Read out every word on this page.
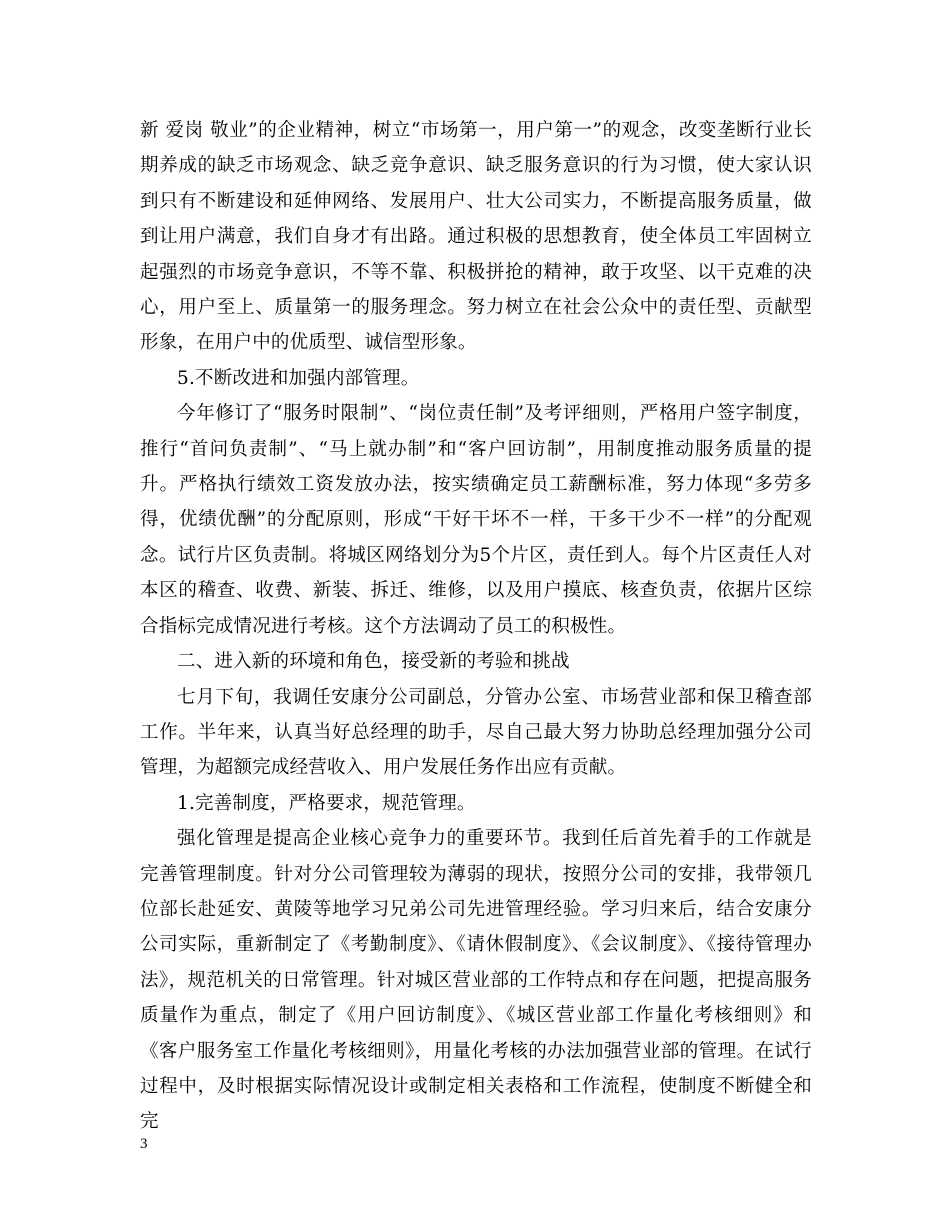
新 爱岗 敬业”的企业精神，树立“市场第一，用户第一”的观念，改变垄断行业长期养成的缺乏市场观念、缺乏竞争意识、缺乏服务意识的行为习惯，使大家认识到只有不断建设和延伸网络、发展用户、壮大公司实力，不断提高服务质量，做到让用户满意，我们自身才有出路。通过积极的思想教育，使全体员工牢固树立起强烈的市场竞争意识，不等不靠、积极拼抢的精神，敢于攻坚、以干克难的决心，用户至上、质量第一的服务理念。努力树立在社会公众中的责任型、贡献型形象，在用户中的优质型、诚信型形象。

5.不断改进和加强内部管理。

今年修订了“服务时限制”、“岗位责任制”及考评细则，严格用户签字制度，推行“首问负责制”、“马上就办制”和“客户回访制”，用制度推动服务质量的提升。严格执行绩效工资发放办法，按实绩确定员工薪酬标准，努力体现“多劳多得，优绩优酬”的分配原则，形成“干好干坏不一样，干多干少不一样”的分配观念。试行片区负责制。将城区网络划分为5个片区，责任到人。每个片区责任人对本区的稽查、收费、新装、拆迁、维修，以及用户摸底、核查负责，依据片区综合指标完成情况进行考核。这个方法调动了员工的积极性。

二、进入新的环境和角色，接受新的考验和挑战

七月下旬，我调任安康分公司副总，分管办公室、市场营业部和保卫稽查部工作。半年来，认真当好总经理的助手，尽自己最大努力协助总经理加强分公司管理，为超额完成经营收入、用户发展任务作出应有贡献。

1.完善制度，严格要求，规范管理。

强化管理是提高企业核心竞争力的重要环节。我到任后首先着手的工作就是完善管理制度。针对分公司管理较为薄弱的现状，按照分公司的安排，我带领几位部长赴延安、黄陵等地学习兄弟公司先进管理经验。学习归来后，结合安康分公司实际，重新制定了《考勤制度》、《请休假制度》、《会议制度》、《接待管理办法》，规范机关的日常管理。针对城区营业部的工作特点和存在问题，把提高服务质量作为重点，制定了《用户回访制度》、《城区营业部工作量化考核细则》和《客户服务室工作量化考核细则》，用量化考核的办法加强营业部的管理。在试行过程中，及时根据实际情况设计或制定相关表格和工作流程，使制度不断健全和完

3
